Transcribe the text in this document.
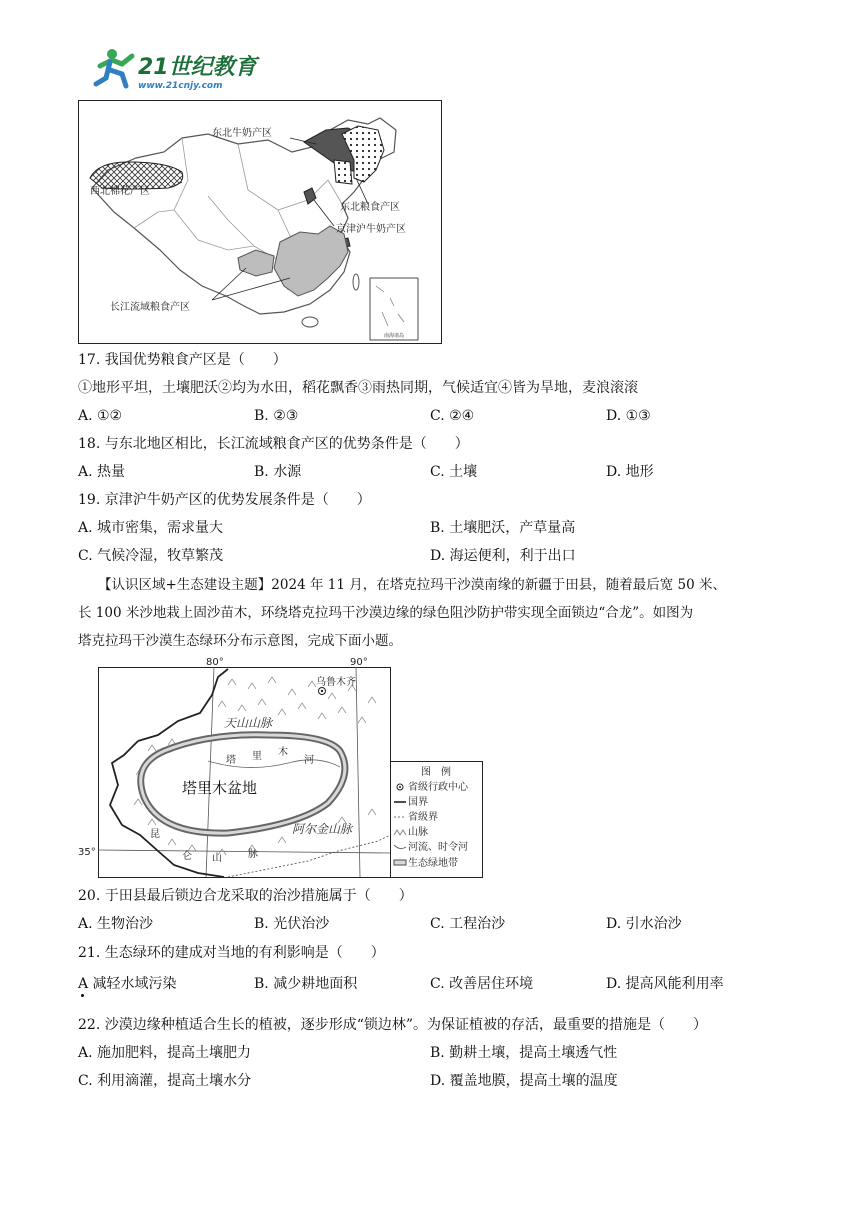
21世纪教育
www.21cnjy.com
东北牛奶产区
西北棉花产区
东北粮食产区
京津沪牛奶产区
长江流域粮食产区
南海诸岛
17. 我国优势粮食产区是（　　）
①地形平坦，土壤肥沃②均为水田，稻花飘香③雨热同期，气候适宜④皆为旱地，麦浪滚滚
A. ①②	B. ②③	C. ②④	D. ①③
18. 与东北地区相比，长江流域粮食产区的优势条件是（　　）
A. 热量	B. 水源	C. 土壤	D. 地形
19. 京津沪牛奶产区的优势发展条件是（　　）
A. 城市密集，需求量大	B. 土壤肥沃，产草量高
C. 气候冷湿，牧草繁茂	D. 海运便利，利于出口
【认识区域+生态建设主题】2024 年 11 月，在塔克拉玛干沙漠南缘的新疆于田县，随着最后宽 50 米、
长 100 米沙地栽上固沙苗木，环绕塔克拉玛干沙漠边缘的绿色阻沙防护带实现全面锁边“合龙”。如图为
塔克拉玛干沙漠生态绿环分布示意图，完成下面小题。
80°	90°
35°
乌鲁木齐
天山山脉
塔 里 木
河
塔里木盆地
阿尔金山脉
昆
仑 山	脉
图　例
省级行政中心
国界
省级界
山脉
河流、时令河
生态绿地带
20. 于田县最后锁边合龙采取的治沙措施属于（　　）
A. 生物治沙	B. 光伏治沙	C. 工程治沙	D. 引水治沙
21. 生态绿环的建成对当地的有利影响是（　　）
A 减轻水域污染	B. 减少耕地面积	C. 改善居住环境	D. 提高风能利用率
22. 沙漠边缘种植适合生长的植被，逐步形成“锁边林”。为保证植被的存活，最重要的措施是（　　）
A. 施加肥料，提高土壤肥力	B. 勤耕土壤，提高土壤透气性
C. 利用滴灌，提高土壤水分	D. 覆盖地膜，提高土壤的温度
